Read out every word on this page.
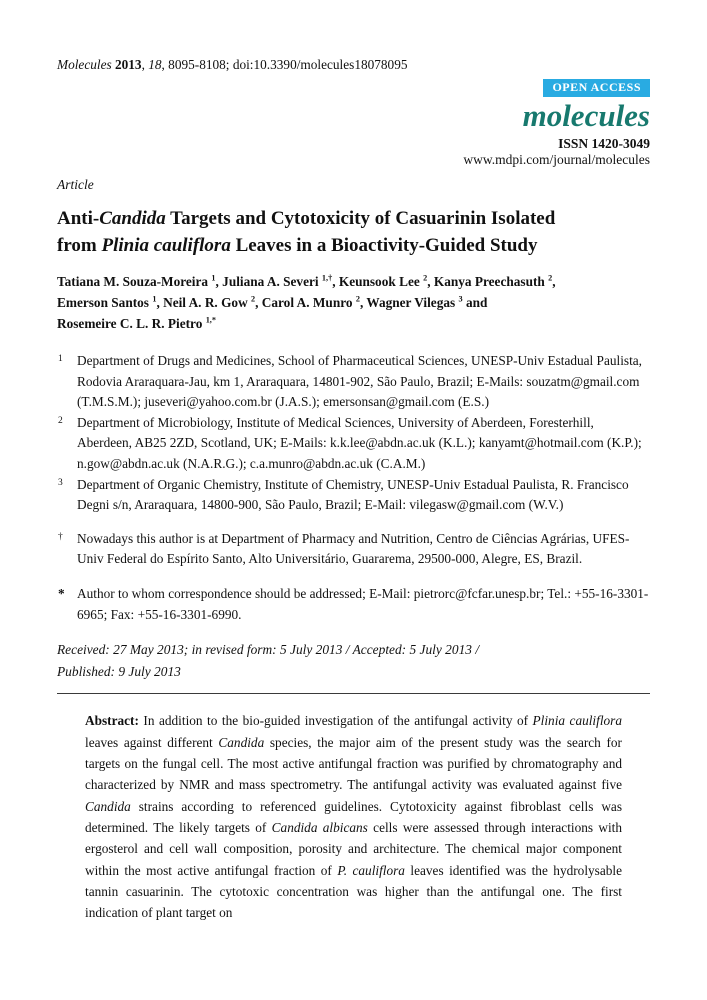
Molecules 2013, 18, 8095-8108; doi:10.3390/molecules18078095
OPEN ACCESS
molecules
ISSN 1420-3049
www.mdpi.com/journal/molecules
Article
Anti-Candida Targets and Cytotoxicity of Casuarinin Isolated
from Plinia cauliflora Leaves in a Bioactivity-Guided Study
Tatiana M. Souza-Moreira $^1$, Juliana A. Severi $^{1,\dagger}$, Keunsook Lee $^2$, Kanya Preechasuth $^2$,
Emerson Santos $^1$, Neil A. R. Gow $^2$, Carol A. Munro $^2$, Wagner Vilegas $^3$ and
Rosemeire C. L. R. Pietro $^{1,*}$
1 Department of Drugs and Medicines, School of Pharmaceutical Sciences, UNESP-Univ Estadual Paulista, Rodovia Araraquara-Jau, km 1, Araraquara, 14801-902, São Paulo, Brazil; E-Mails: souzatm@gmail.com (T.M.S.M.); juseveri@yahoo.com.br (J.A.S.); emersonsan@gmail.com (E.S.)
2 Department of Microbiology, Institute of Medical Sciences, University of Aberdeen, Foresterhill, Aberdeen, AB25 2ZD, Scotland, UK; E-Mails: k.k.lee@abdn.ac.uk (K.L.); kanyamt@hotmail.com (K.P.); n.gow@abdn.ac.uk (N.A.R.G.); c.a.munro@abdn.ac.uk (C.A.M.)
3 Department of Organic Chemistry, Institute of Chemistry, UNESP-Univ Estadual Paulista, R. Francisco Degni s/n, Araraquara, 14800-900, São Paulo, Brazil; E-Mail: vilegasw@gmail.com (W.V.)
† Nowadays this author is at Department of Pharmacy and Nutrition, Centro de Ciências Agrárias, UFES-Univ Federal do Espírito Santo, Alto Universitário, Guararema, 29500-000, Alegre, ES, Brazil.
* Author to whom correspondence should be addressed; E-Mail: pietrorc@fcfar.unesp.br; Tel.: +55-16-3301-6965; Fax: +55-16-3301-6990.
Received: 27 May 2013; in revised form: 5 July 2013 / Accepted: 5 July 2013 /
Published: 9 July 2013
Abstract: In addition to the bio-guided investigation of the antifungal activity of Plinia cauliflora leaves against different Candida species, the major aim of the present study was the search for targets on the fungal cell. The most active antifungal fraction was purified by chromatography and characterized by NMR and mass spectrometry. The antifungal activity was evaluated against five Candida strains according to referenced guidelines. Cytotoxicity against fibroblast cells was determined. The likely targets of Candida albicans cells were assessed through interactions with ergosterol and cell wall composition, porosity and architecture. The chemical major component within the most active antifungal fraction of P. cauliflora leaves identified was the hydrolysable tannin casuarinin. The cytotoxic concentration was higher than the antifungal one. The first indication of plant target on
